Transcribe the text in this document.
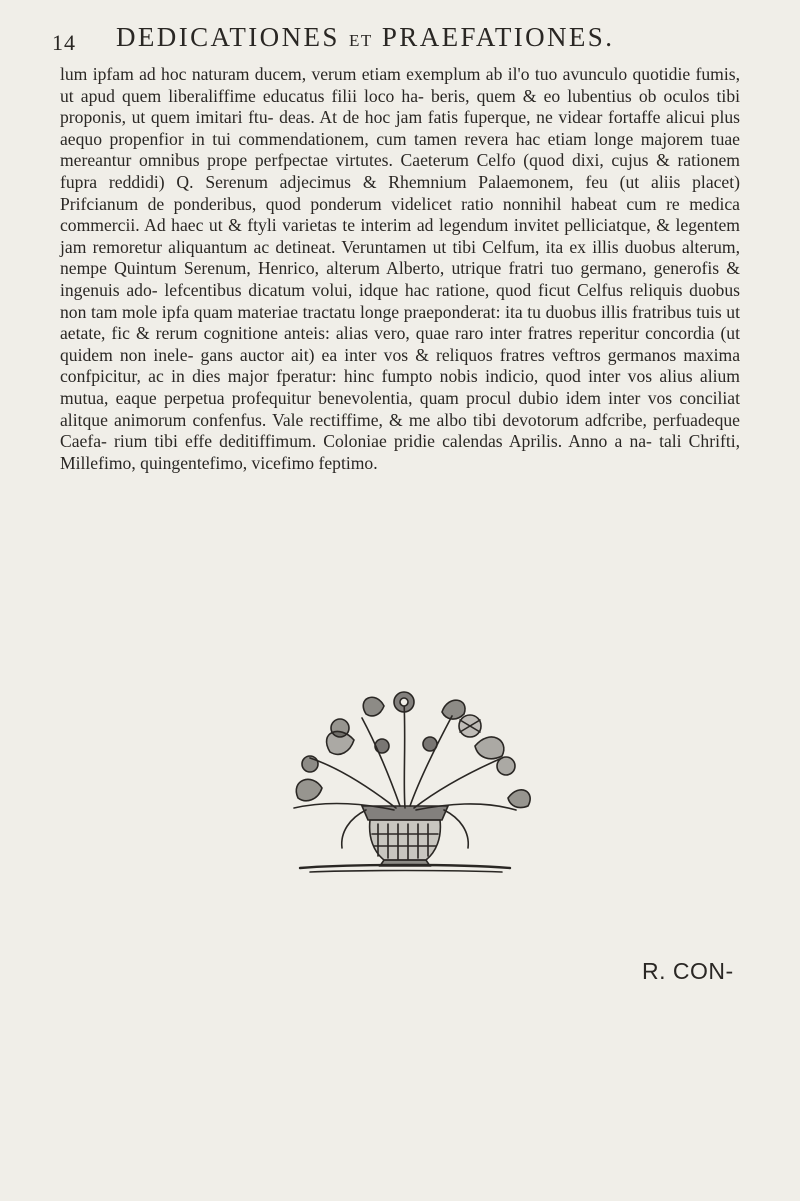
14 DEDICATIONES ET PRAEFATIONES.

lum ipfam ad hoc naturam ducem, verum etiam exemplum ab il'o tuo avunculo quotidie fumis, ut apud quem liberaliffime educatus filii loco ha- beris, quem & eo lubentius ob oculos tibi proponis, ut quem imitari ftu- deas. At de hoc jam fatis fuperque, ne videar fortaffe alicui plus aequo propenfior in tui commendationem, cum tamen revera hac etiam longe majorem tuae mereantur omnibus prope perfpectae virtutes. Caeterum Celfo (quod dixi, cujus & rationem fupra reddidi) Q. Serenum adjecimus & Rhemnium Palaemonem, feu (ut aliis placet) Prifcianum de ponderibus, quod ponderum videlicet ratio nonnihil habeat cum re medica commercii. Ad haec ut & ftyli varietas te interim ad legendum invitet pelliciatque, & legentem jam remoretur aliquantum ac detineat. Veruntamen ut tibi Celfum, ita ex illis duobus alterum, nempe Quintum Serenum, Henrico, alterum Alberto, utrique fratri tuo germano, generofis & ingenuis ado- lefcentibus dicatum volui, idque hac ratione, quod ficut Celfus reliquis duobus non tam mole ipfa quam materiae tractatu longe praeponderat: ita tu duobus illis fratribus tuis ut aetate, fic & rerum cognitione anteis: alias vero, quae raro inter fratres reperitur concordia (ut quidem non inele- gans auctor ait) ea inter vos & reliquos fratres veftros germanos maxima confpicitur, ac in dies major fperatur: hinc fumpto nobis indicio, quod inter vos alius alium mutua, eaque perpetua profequitur benevolentia, quam procul dubio idem inter vos conciliat alitque animorum confenfus. Vale rectiffime, & me albo tibi devotorum adfcribe, perfuadeque Caefa- rium tibi effe deditiffimum. Coloniae pridie calendas Aprilis. Anno a na- tali Chrifti, Millefimo, quingentefimo, vicefimo feptimo.

R. CON-
